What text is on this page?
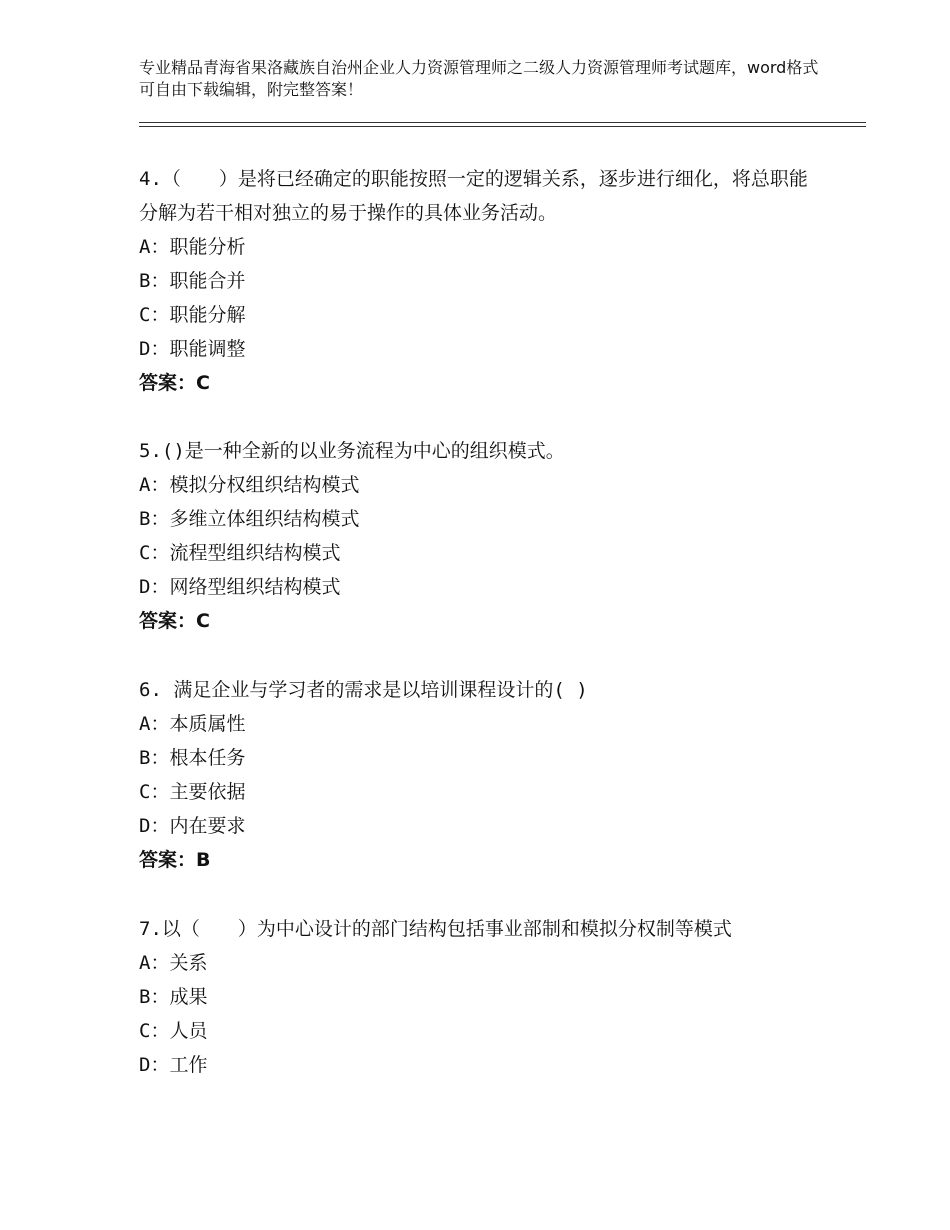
专业精品青海省果洛藏族自治州企业人力资源管理师之二级人力资源管理师考试题库，word格式可自由下载编辑，附完整答案！
4.（　　）是将已经确定的职能按照一定的逻辑关系，逐步进行细化，将总职能分解为若干相对独立的易于操作的具体业务活动。
A：职能分析
B：职能合并
C：职能分解
D：职能调整
答案：C
5.()是一种全新的以业务流程为中心的组织模式。
A：模拟分权组织结构模式
B：多维立体组织结构模式
C：流程型组织结构模式
D：网络型组织结构模式
答案：C
6. 满足企业与学习者的需求是以培训课程设计的( )
A：本质属性
B：根本任务
C：主要依据
D：内在要求
答案：B
7.以（　　）为中心设计的部门结构包括事业部制和模拟分权制等模式
A：关系
B：成果
C：人员
D：工作
